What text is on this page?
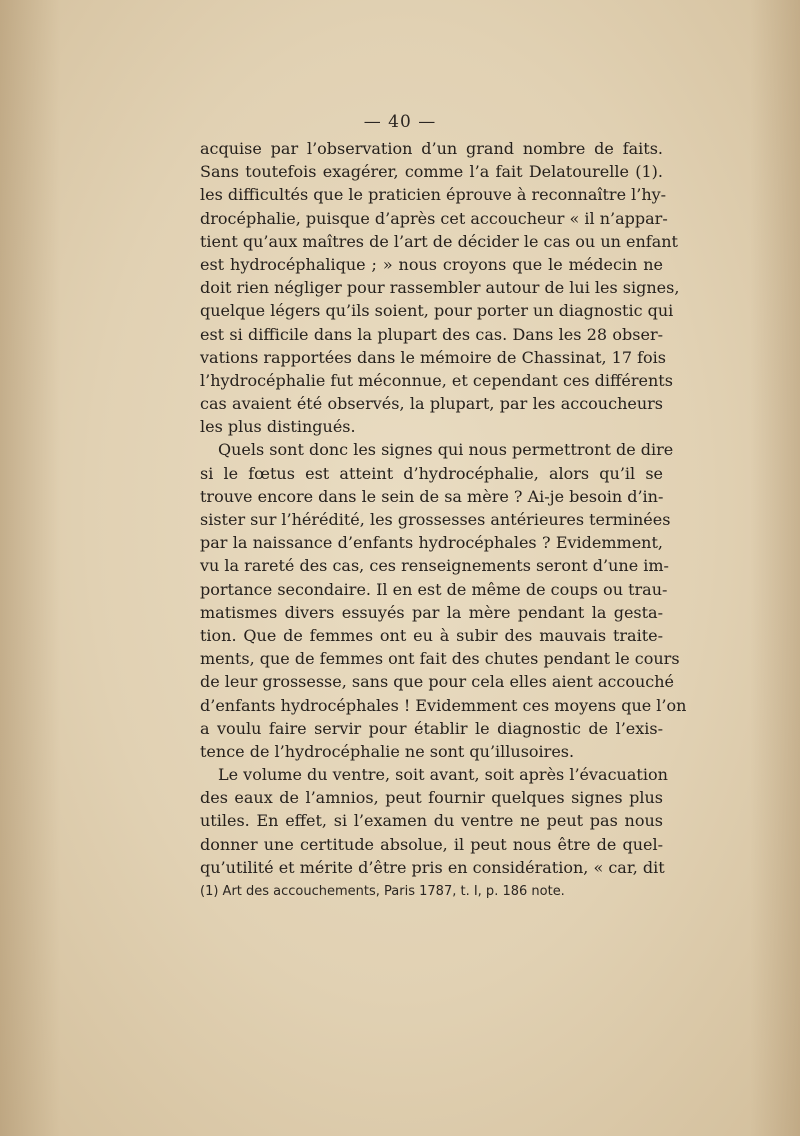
— 40 —
acquise par l’observation d’un grand nombre de faits.
Sans toutefois exagérer, comme l’a fait Delatourelle (1).
les difficultés que le praticien éprouve à reconnaître l’hy-
drocéphalie, puisque d’après cet accoucheur « il n’appar-
tient qu’aux maîtres de l’art de décider le cas ou un enfant
est hydrocéphalique ; » nous croyons que le médecin ne
doit rien négliger pour rassembler autour de lui les signes,
quelque légers qu’ils soient, pour porter un diagnostic qui
est si difficile dans la plupart des cas. Dans les 28 obser-
vations rapportées dans le mémoire de Chassinat, 17 fois
l’hydrocéphalie fut méconnue, et cependant ces différents
cas avaient été observés, la plupart, par les accoucheurs
les plus distingués.
Quels sont donc les signes qui nous permettront de dire
si le fœtus est atteint d’hydrocéphalie, alors qu’il se
trouve encore dans le sein de sa mère ? Ai-je besoin d’in-
sister sur l’hérédité, les grossesses antérieures terminées
par la naissance d’enfants hydrocéphales ? Evidemment,
vu la rareté des cas, ces renseignements seront d’une im-
portance secondaire. Il en est de même de coups ou trau-
matismes divers essuyés par la mère pendant la gesta-
tion. Que de femmes ont eu à subir des mauvais traite-
ments, que de femmes ont fait des chutes pendant le cours
de leur grossesse, sans que pour cela elles aient accouché
d’enfants hydrocéphales ! Evidemment ces moyens que l’on
a voulu faire servir pour établir le diagnostic de l’exis-
tence de l’hydrocéphalie ne sont qu’illusoires.
Le volume du ventre, soit avant, soit après l’évacuation
des eaux de l’amnios, peut fournir quelques signes plus
utiles. En effet, si l’examen du ventre ne peut pas nous
donner une certitude absolue, il peut nous être de quel-
qu’utilité et mérite d’être pris en considération, « car, dit
(1) Art des accouchements, Paris 1787, t. I, p. 186 note.
